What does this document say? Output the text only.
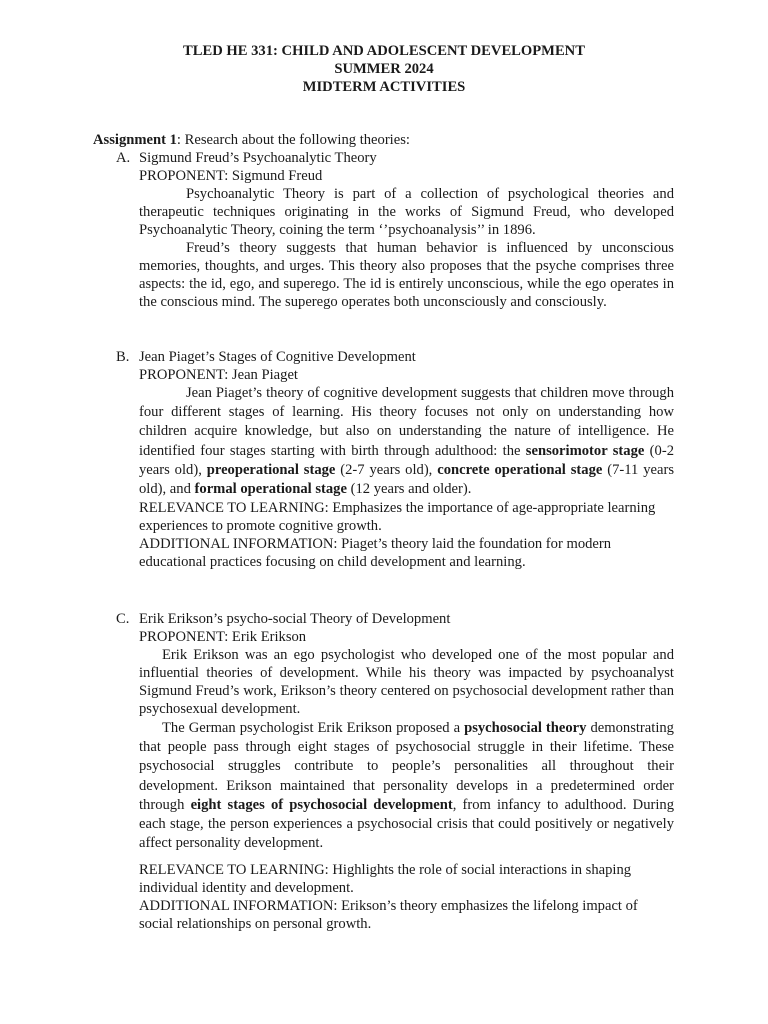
TLED HE 331: CHILD AND ADOLESCENT DEVELOPMENT
SUMMER 2024
MIDTERM ACTIVITIES
Assignment 1: Research about the following theories:
A. Sigmund Freud’s Psychoanalytic Theory
PROPONENT: Sigmund Freud

Psychoanalytic Theory is part of a collection of psychological theories and therapeutic techniques originating in the works of Sigmund Freud, who developed Psychoanalytic Theory, coining the term ‘’psychoanalysis’’ in 1896.

Freud’s theory suggests that human behavior is influenced by unconscious memories, thoughts, and urges. This theory also proposes that the psyche comprises three aspects: the id, ego, and superego. The id is entirely unconscious, while the ego operates in the conscious mind. The superego operates both unconsciously and consciously.

B. Jean Piaget’s Stages of Cognitive Development
PROPONENT: Jean Piaget

Jean Piaget’s theory of cognitive development suggests that children move through four different stages of learning. His theory focuses not only on understanding how children acquire knowledge, but also on understanding the nature of intelligence. He identified four stages starting with birth through adulthood: the sensorimotor stage (0-2 years old), preoperational stage (2-7 years old), concrete operational stage (7-11 years old), and formal operational stage (12 years and older).

RELEVANCE TO LEARNING: Emphasizes the importance of age-appropriate learning experiences to promote cognitive growth.

ADDITIONAL INFORMATION: Piaget’s theory laid the foundation for modern educational practices focusing on child development and learning.

C. Erik Erikson’s psycho-social Theory of Development
PROPONENT: Erik Erikson

Erik Erikson was an ego psychologist who developed one of the most popular and influential theories of development. While his theory was impacted by psychoanalyst Sigmund Freud’s work, Erikson’s theory centered on psychosocial development rather than psychosexual development.

The German psychologist Erik Erikson proposed a psychosocial theory demonstrating that people pass through eight stages of psychosocial struggle in their lifetime. These psychosocial struggles contribute to people’s personalities all throughout their development. Erikson maintained that personality develops in a predetermined order through eight stages of psychosocial development, from infancy to adulthood. During each stage, the person experiences a psychosocial crisis that could positively or negatively affect personality development.

RELEVANCE TO LEARNING: Highlights the role of social interactions in shaping individual identity and development.

ADDITIONAL INFORMATION: Erikson’s theory emphasizes the lifelong impact of social relationships on personal growth.
